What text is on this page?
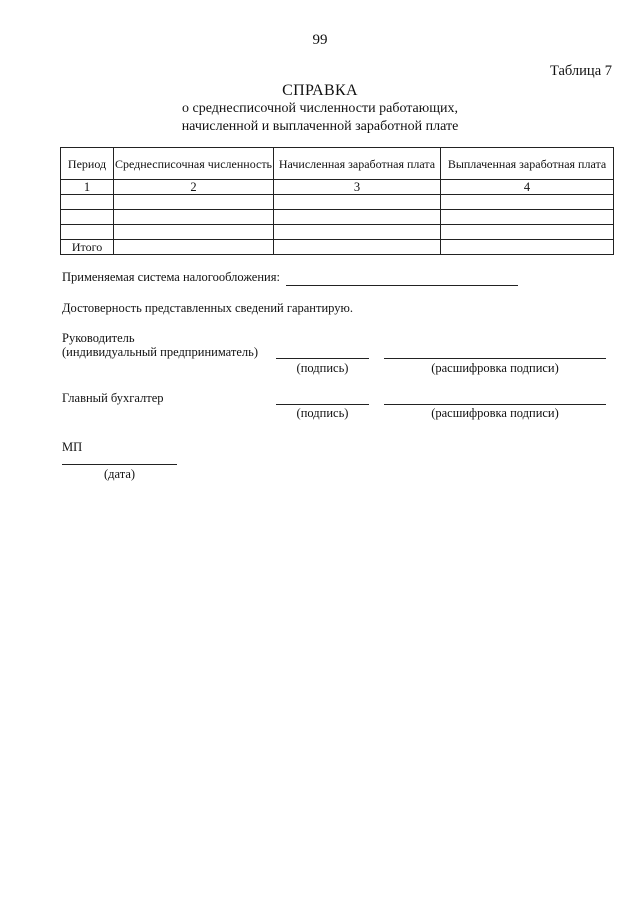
99
Таблица 7
СПРАВКА
о среднесписочной численности работающих,
начисленной и выплаченной заработной плате
Период	Среднесписочная численность	Начисленная заработная плата	Выплаченная заработная плата
1	2	3	4

Итого			
Применяемая система налогообложения:
Достоверность представленных сведений гарантирую.
Руководитель
(индивидуальный предприниматель)
(подпись)	(расшифровка подписи)
Главный бухгалтер
(подпись)	(расшифровка подписи)
МП
(дата)
